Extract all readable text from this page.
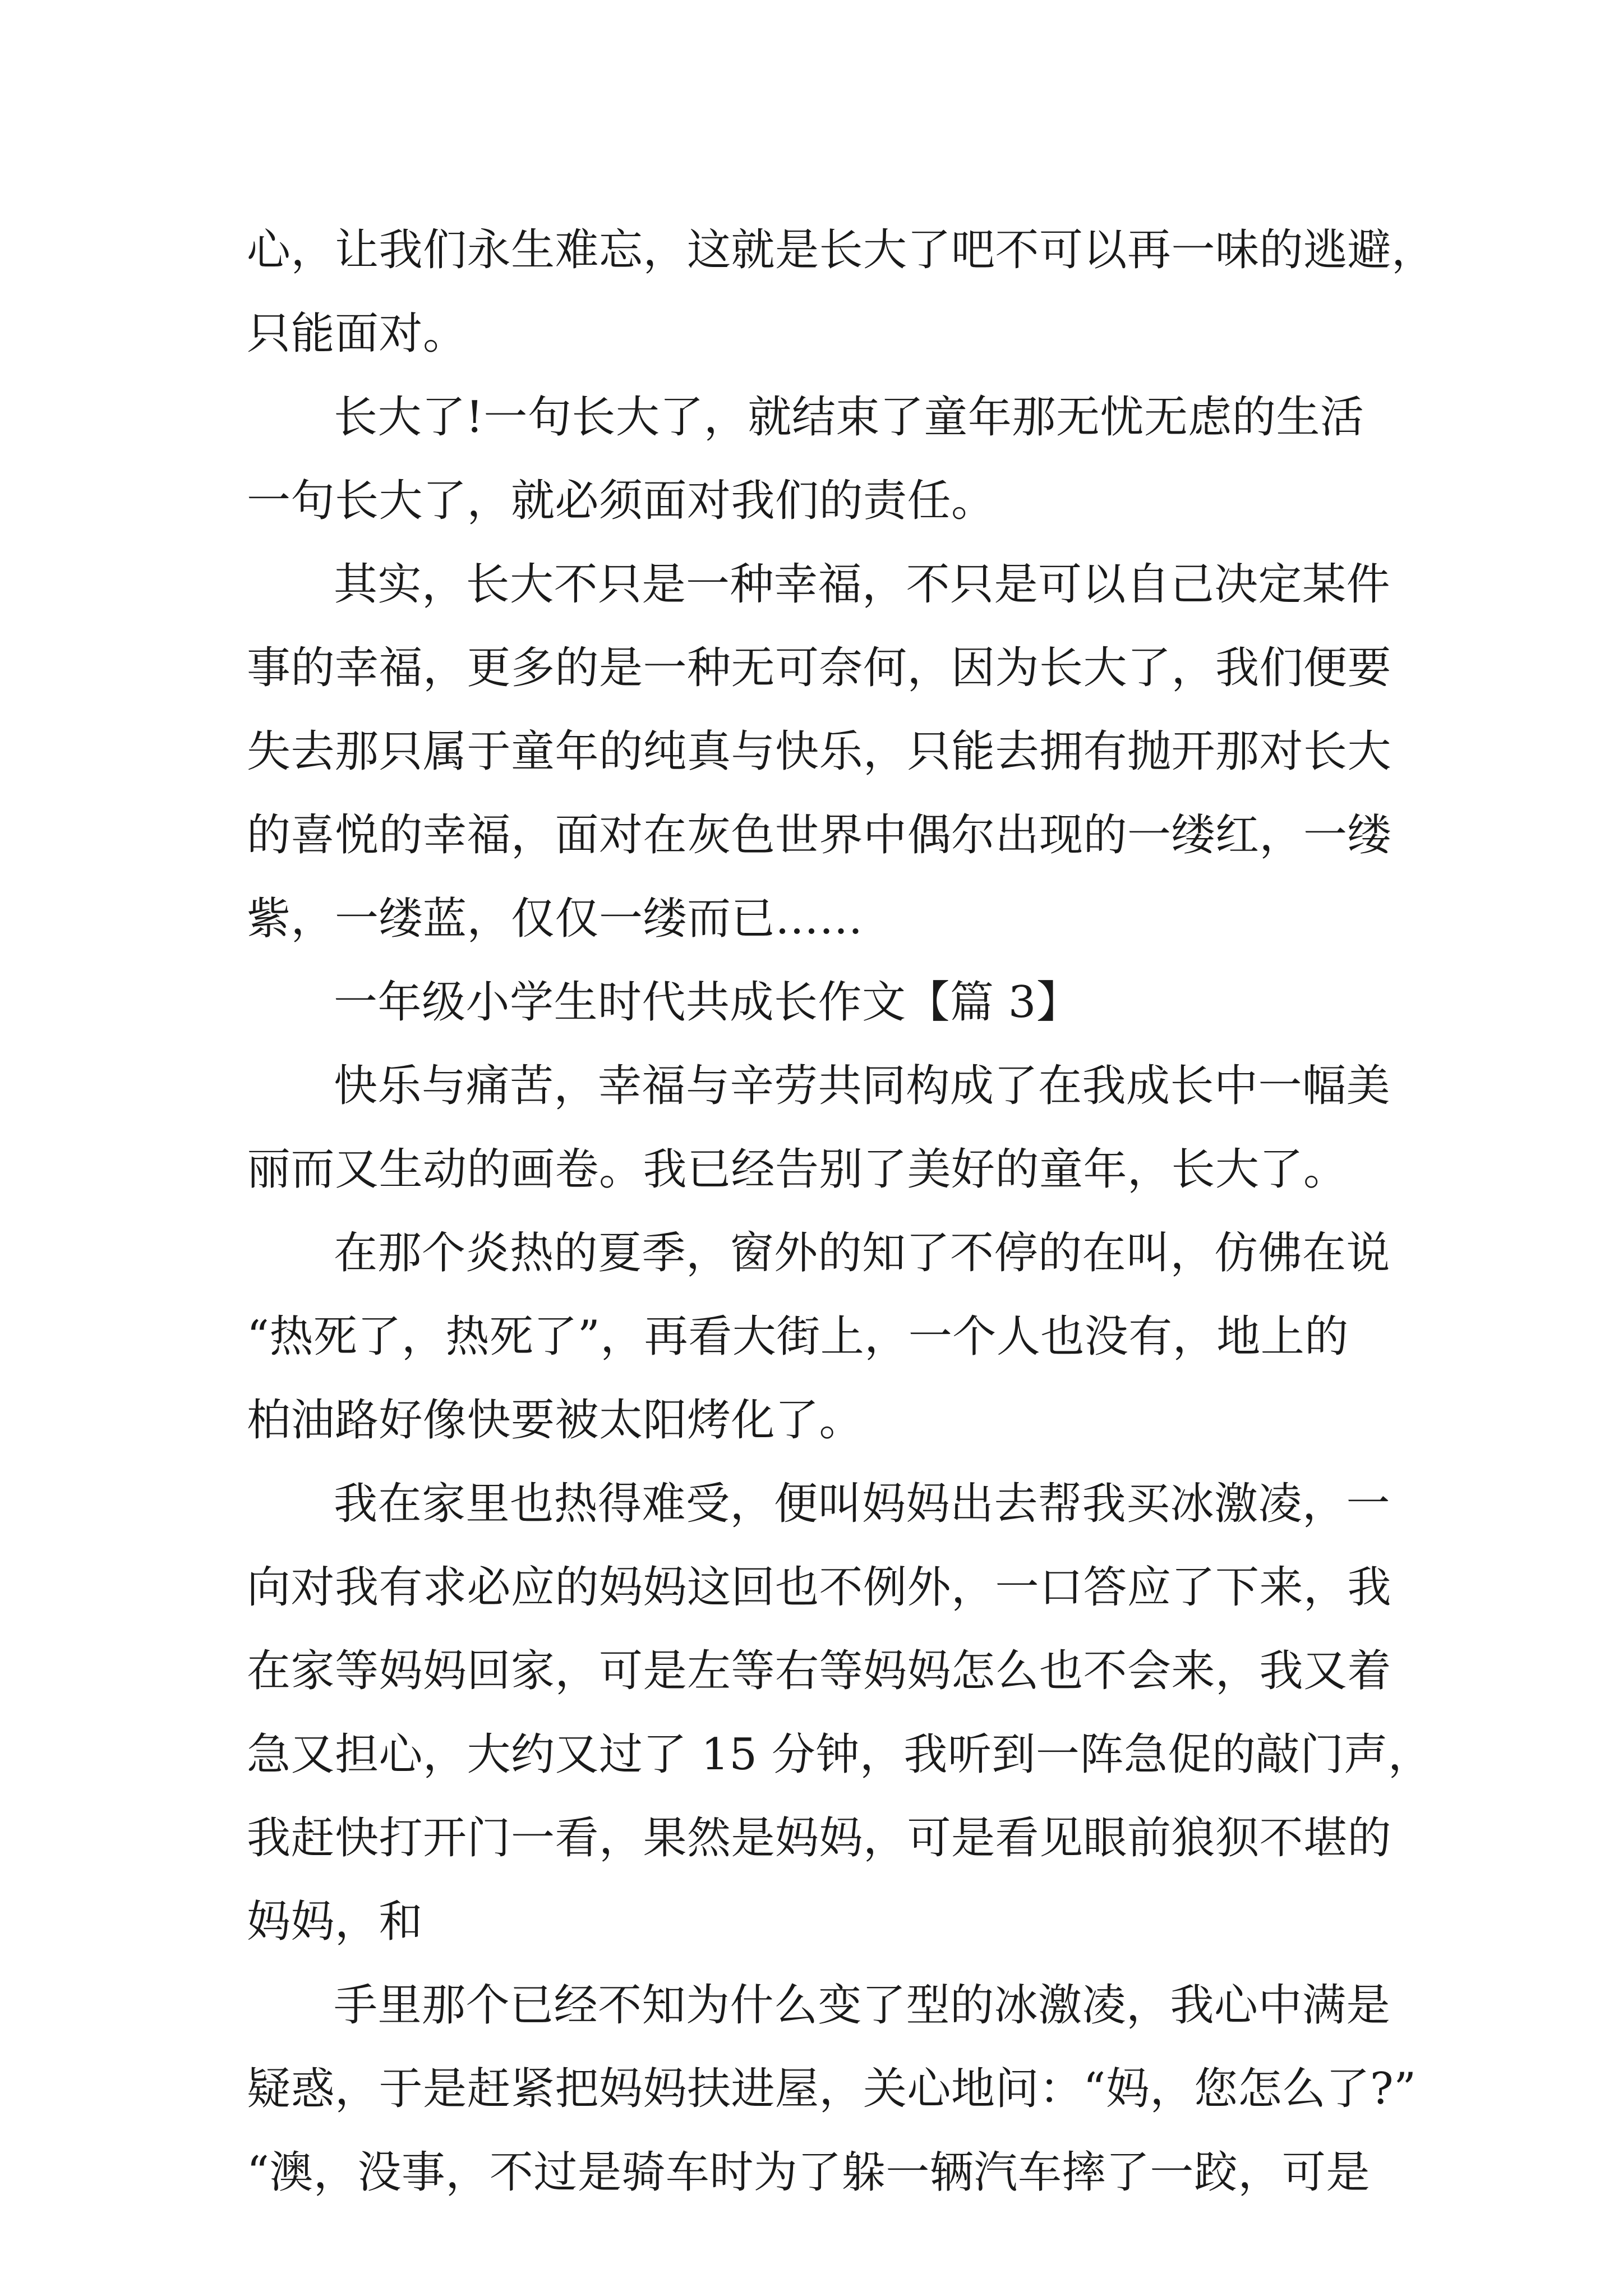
心，让我们永生难忘，这就是长大了吧不可以再一味的逃避，
只能面对。
长大了!一句长大了，就结束了童年那无忧无虑的生活
一句长大了，就必须面对我们的责任。
其实，长大不只是一种幸福，不只是可以自己决定某件
事的幸福，更多的是一种无可奈何，因为长大了，我们便要
失去那只属于童年的纯真与快乐，只能去拥有抛开那对长大
的喜悦的幸福，面对在灰色世界中偶尔出现的一缕红，一缕
紫，一缕蓝，仅仅一缕而已……
一年级小学生时代共成长作文【篇 3】
快乐与痛苦，幸福与辛劳共同构成了在我成长中一幅美
丽而又生动的画卷。我已经告别了美好的童年，长大了。
在那个炎热的夏季，窗外的知了不停的在叫，仿佛在说
“热死了，热死了”，再看大街上，一个人也没有，地上的
柏油路好像快要被太阳烤化了。
我在家里也热得难受，便叫妈妈出去帮我买冰激凌，一
向对我有求必应的妈妈这回也不例外，一口答应了下来，我
在家等妈妈回家，可是左等右等妈妈怎么也不会来，我又着
急又担心，大约又过了 15 分钟，我听到一阵急促的敲门声，
我赶快打开门一看，果然是妈妈，可是看见眼前狼狈不堪的
妈妈，和
手里那个已经不知为什么变了型的冰激凌，我心中满是
疑惑，于是赶紧把妈妈扶进屋，关心地问：“妈，您怎么了?”
“澳，没事，不过是骑车时为了躲一辆汽车摔了一跤，可是
